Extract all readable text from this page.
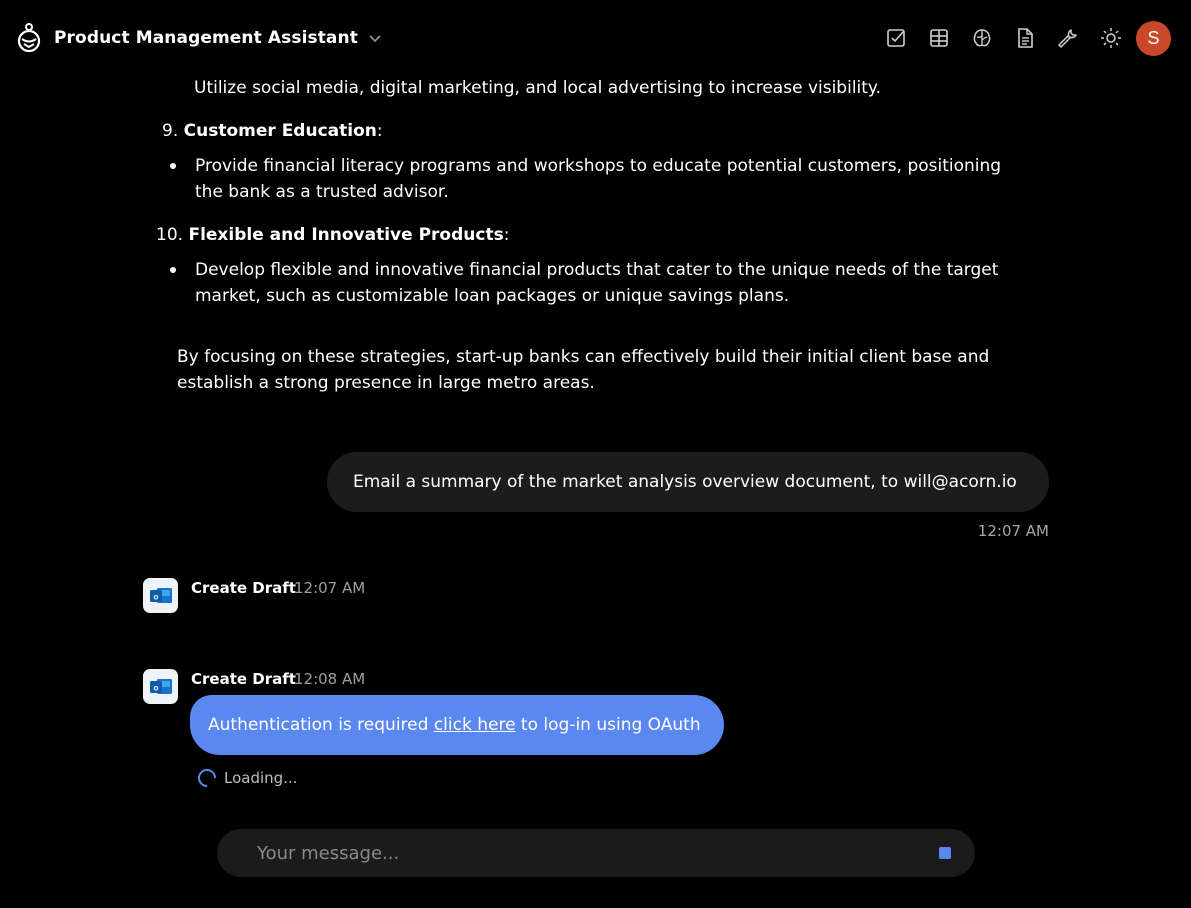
Product Management Assistant	S
Utilize social media, digital marketing, and local advertising to increase visibility.
9. Customer Education:
Provide financial literacy programs and workshops to educate potential customers, positioning the bank as a trusted advisor.
10. Flexible and Innovative Products:
Develop flexible and innovative financial products that cater to the unique needs of the target market, such as customizable loan packages or unique savings plans.
By focusing on these strategies, start-up banks can effectively build their initial client base and establish a strong presence in large metro areas.
Email a summary of the market analysis overview document, to will@acorn.io
12:07 AM
o Create Draft
12:07 AM
o Create Draft
12:08 AM
Authentication is required click here to log-in using OAuth
Loading...
Your message...
